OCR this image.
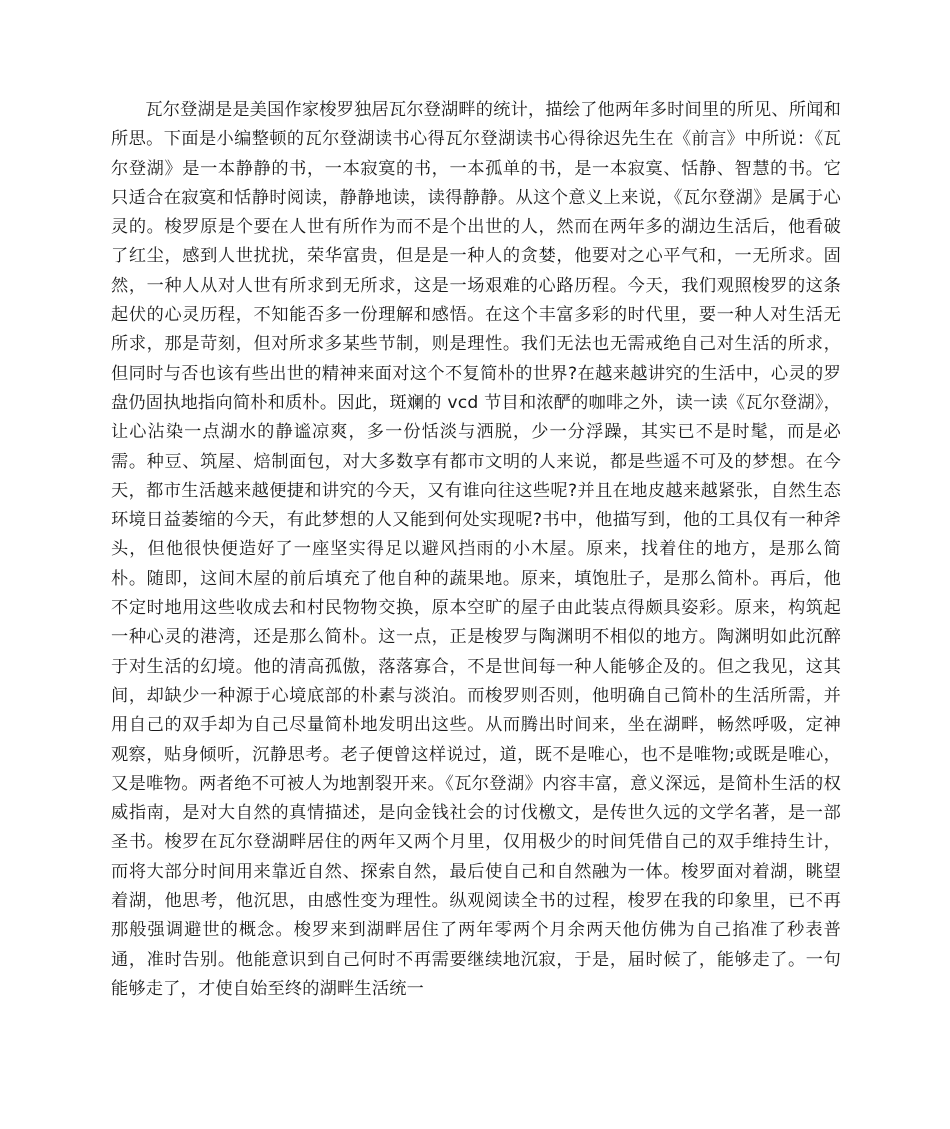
瓦尔登湖是是美国作家梭罗独居瓦尔登湖畔的统计，描绘了他两年多时间里的所见、所闻和所思。下面是小编整顿的瓦尔登湖读书心得瓦尔登湖读书心得徐迟先生在《前言》中所说：《瓦尔登湖》是一本静静的书，一本寂寞的书，一本孤单的书，是一本寂寞、恬静、智慧的书。它只适合在寂寞和恬静时阅读，静静地读，读得静静。从这个意义上来说，《瓦尔登湖》是属于心灵的。梭罗原是个要在人世有所作为而不是个出世的人，然而在两年多的湖边生活后，他看破了红尘，感到人世扰扰，荣华富贵，但是是一种人的贪婪，他要对之心平气和，一无所求。固然，一种人从对人世有所求到无所求，这是一场艰难的心路历程。今天，我们观照梭罗的这条起伏的心灵历程，不知能否多一份理解和感悟。在这个丰富多彩的时代里，要一种人对生活无所求，那是苛刻，但对所求多某些节制，则是理性。我们无法也无需戒绝自己对生活的所求，但同时与否也该有些出世的精神来面对这个不复简朴的世界?在越来越讲究的生活中，心灵的罗盘仍固执地指向简朴和质朴。因此，斑斓的 vcd 节目和浓酽的咖啡之外，读一读《瓦尔登湖》，让心沾染一点湖水的静谧凉爽，多一份恬淡与洒脱，少一分浮躁，其实已不是时髦，而是必需。种豆、筑屋、焙制面包，对大多数享有都市文明的人来说，都是些遥不可及的梦想。在今天，都市生活越来越便捷和讲究的今天，又有谁向往这些呢?并且在地皮越来越紧张，自然生态环境日益萎缩的今天，有此梦想的人又能到何处实现呢?书中，他描写到，他的工具仅有一种斧头，但他很快便造好了一座坚实得足以避风挡雨的小木屋。原来，找着住的地方，是那么简朴。随即，这间木屋的前后填充了他自种的蔬果地。原来，填饱肚子，是那么简朴。再后，他不定时地用这些收成去和村民物物交换，原本空旷的屋子由此装点得颇具姿彩。原来，构筑起一种心灵的港湾，还是那么简朴。这一点，正是梭罗与陶渊明不相似的地方。陶渊明如此沉醉于对生活的幻境。他的清高孤傲，落落寡合，不是世间每一种人能够企及的。但之我见，这其间，却缺少一种源于心境底部的朴素与淡泊。而梭罗则否则，他明确自己简朴的生活所需，并用自己的双手却为自己尽量简朴地发明出这些。从而腾出时间来，坐在湖畔，畅然呼吸，定神观察，贴身倾听，沉静思考。老子便曾这样说过，道，既不是唯心，也不是唯物;或既是唯心，又是唯物。两者绝不可被人为地割裂开来。《瓦尔登湖》内容丰富，意义深远，是简朴生活的权威指南，是对大自然的真情描述，是向金钱社会的讨伐檄文，是传世久远的文学名著，是一部圣书。梭罗在瓦尔登湖畔居住的两年又两个月里，仅用极少的时间凭借自己的双手维持生计，而将大部分时间用来靠近自然、探索自然，最后使自己和自然融为一体。梭罗面对着湖，眺望着湖，他思考，他沉思，由感性变为理性。纵观阅读全书的过程，梭罗在我的印象里，已不再那般强调避世的概念。梭罗来到湖畔居住了两年零两个月余两天他仿佛为自己掐准了秒表普通，准时告别。他能意识到自己何时不再需要继续地沉寂，于是，届时候了，能够走了。一句能够走了，才使自始至终的湖畔生活统一
